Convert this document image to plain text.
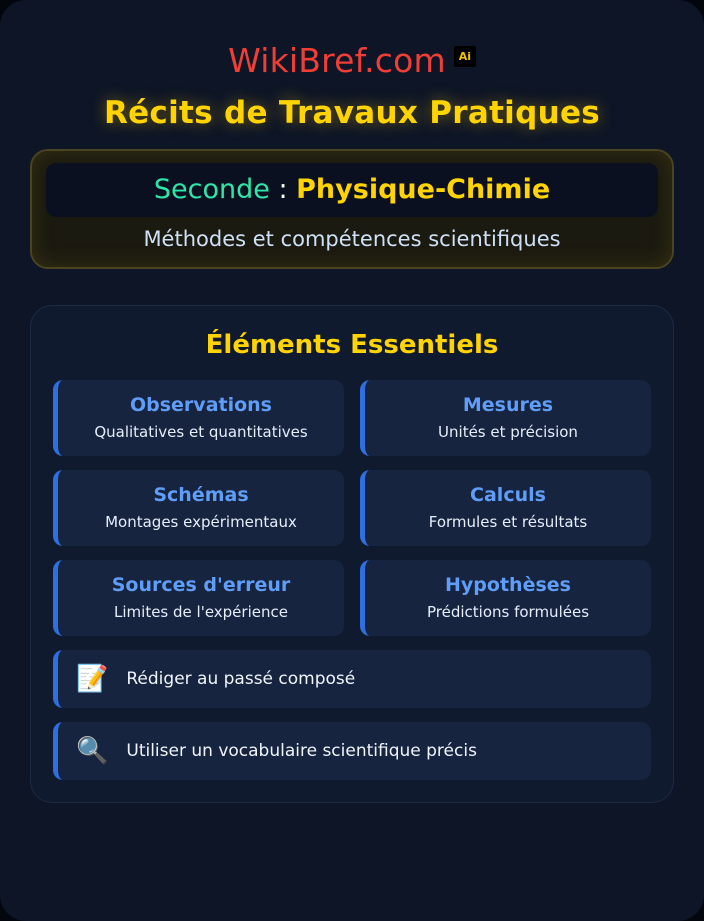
WikiBref.com	Ai
Récits de Travaux Pratiques
Seconde : Physique-Chimie
Méthodes et compétences scientifiques
Éléments Essentiels
Observations
Qualitatives et quantitatives
Mesures
Unités et précision
Schémas
Montages expérimentaux
Calculs
Formules et résultats
Sources d'erreur
Limites de l'expérience
Hypothèses
Prédictions formulées
📝 Rédiger au passé composé
🔍 Utiliser un vocabulaire scientifique précis
